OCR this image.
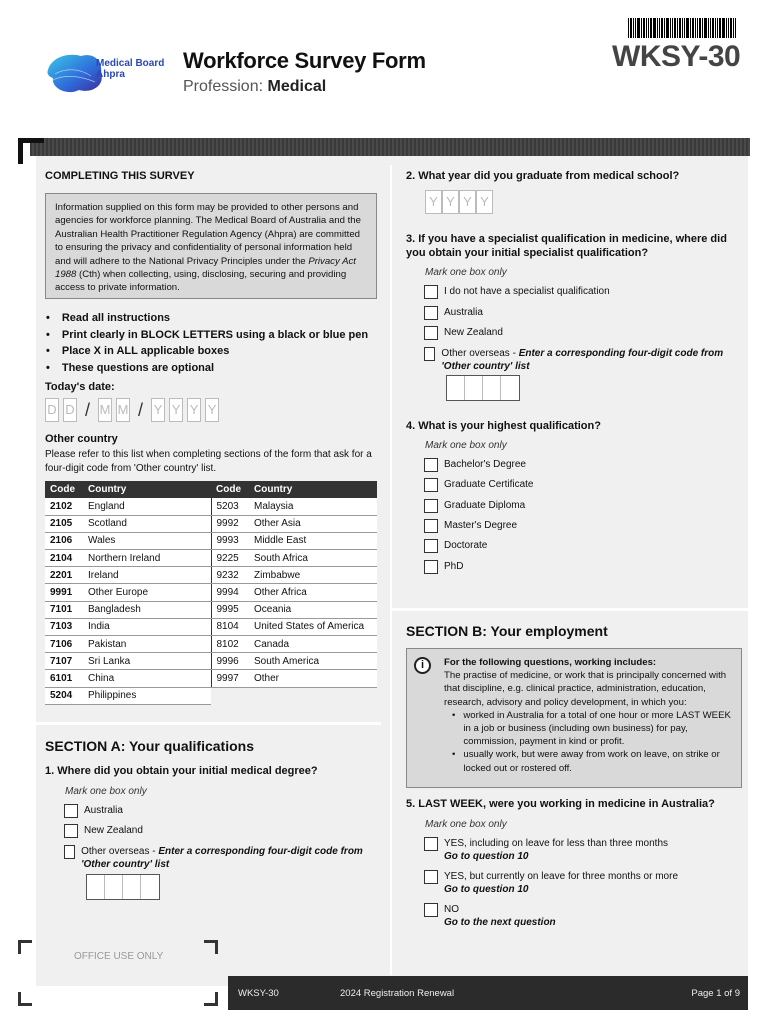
Medical Board
Ahpra
Workforce Survey Form
Profession: Medical
WKSY-30
COMPLETING THIS SURVEY
Information supplied on this form may be provided to other persons and agencies for workforce planning. The Medical Board of Australia and the Australian Health Practitioner Regulation Agency (Ahpra) are committed to ensuring the privacy and confidentiality of personal information held and will adhere to the National Privacy Principles under the Privacy Act 1988 (Cth) when collecting, using, disclosing, securing and providing access to private information.
• Read all instructions
• Print clearly in BLOCK LETTERS using a black or blue pen
• Place X in ALL applicable boxes
• These questions are optional
Today's date:
D D / M M / Y Y Y Y
Other country
Please refer to this list when completing sections of the form that ask for a four-digit code from 'Other country' list.
Code	Country	Code	Country
2102	England	5203	Malaysia
2105	Scotland	9992	Other Asia
2106	Wales	9993	Middle East
2104	Northern Ireland	9225	South Africa
2201	Ireland	9232	Zimbabwe
9991	Other Europe	9994	Other Africa
7101	Bangladesh	9995	Oceania
7103	India	8104	United States of America
7106	Pakistan	8102	Canada
7107	Sri Lanka	9996	South America
6101	China	9997	Other
5204	Philippines		
SECTION A: Your qualifications
1. Where did you obtain your initial medical degree?
Mark one box only
Australia
New Zealand
Other overseas - Enter a corresponding four-digit code from 'Other country' list
2. What year did you graduate from medical school?
Y Y Y Y
3. If you have a specialist qualification in medicine, where did you obtain your initial specialist qualification?
Mark one box only
I do not have a specialist qualification
Australia
New Zealand
Other overseas - Enter a corresponding four-digit code from 'Other country' list
4. What is your highest qualification?
Mark one box only
Bachelor's Degree
Graduate Certificate
Graduate Diploma
Master's Degree
Doctorate
PhD
SECTION B: Your employment
For the following questions, working includes:
The practise of medicine, or work that is principally concerned with that discipline, e.g. clinical practice, administration, education, research, advisory and policy development, in which you:
• worked in Australia for a total of one hour or more LAST WEEK in a job or business (including own business) for pay, commission, payment in kind or profit.
• usually work, but were away from work on leave, on strike or locked out or rostered off.
i
5. LAST WEEK, were you working in medicine in Australia?
Mark one box only
YES, including on leave for less than three months
Go to question 10
YES, but currently on leave for three months or more
Go to question 10
NO
Go to the next question
OFFICE USE ONLY
WKSY-30	2024 Registration Renewal	Page 1 of 9
